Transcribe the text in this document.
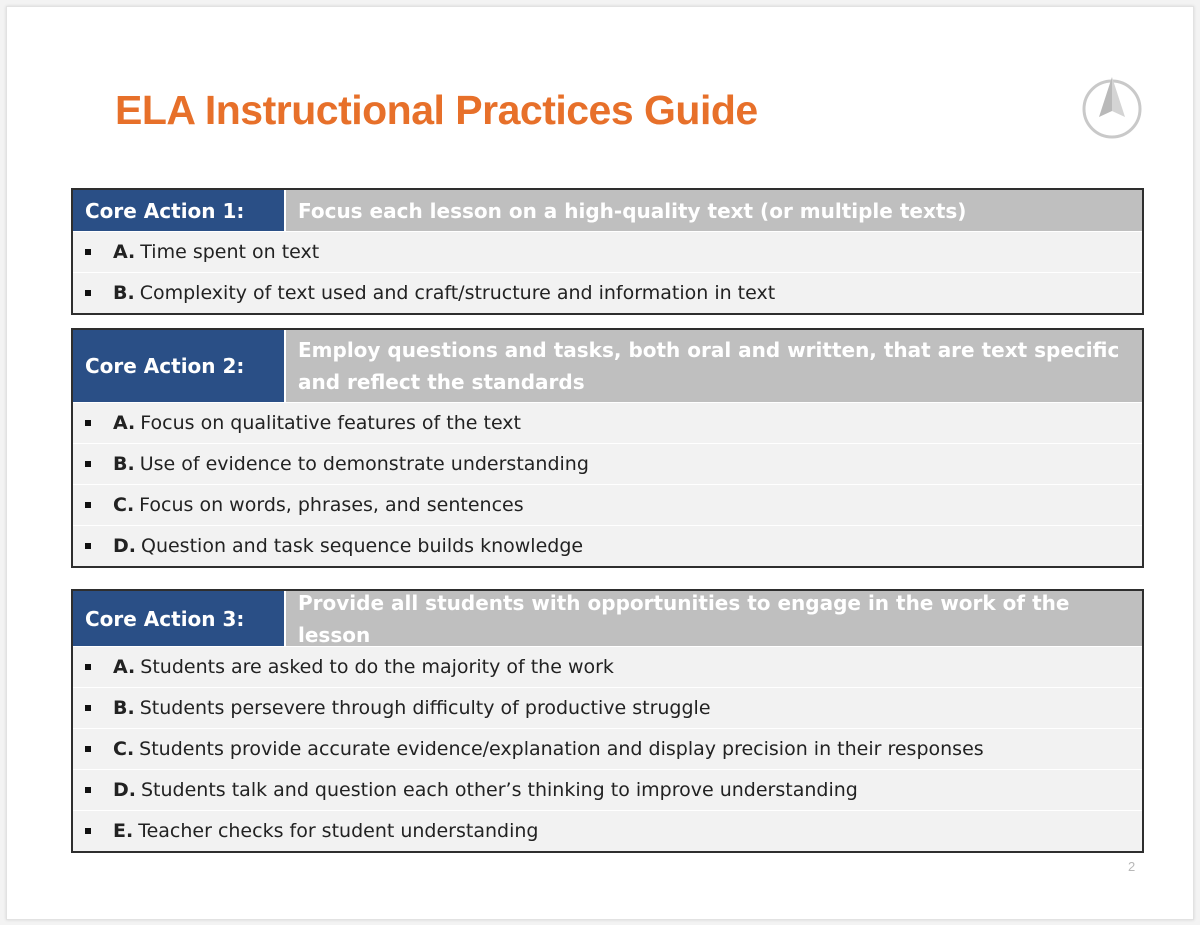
ELA Instructional Practices Guide
Core Action 1:	Focus each lesson on a high-quality text (or multiple texts)
A. Time spent on text
B. Complexity of text used and craft/structure and information in text
Core Action 2:
Employ questions and tasks, both oral and written, that are text specific and reflect the standards
A. Focus on qualitative features of the text
B. Use of evidence to demonstrate understanding
C. Focus on words, phrases, and sentences
D. Question and task sequence builds knowledge
Core Action 3:
Provide all students with opportunities to engage in the work of the lesson
A. Students are asked to do the majority of the work
B. Students persevere through difficulty of productive struggle
C. Students provide accurate evidence/explanation and display precision in their responses
D. Students talk and question each other’s thinking to improve understanding
E. Teacher checks for student understanding
2
